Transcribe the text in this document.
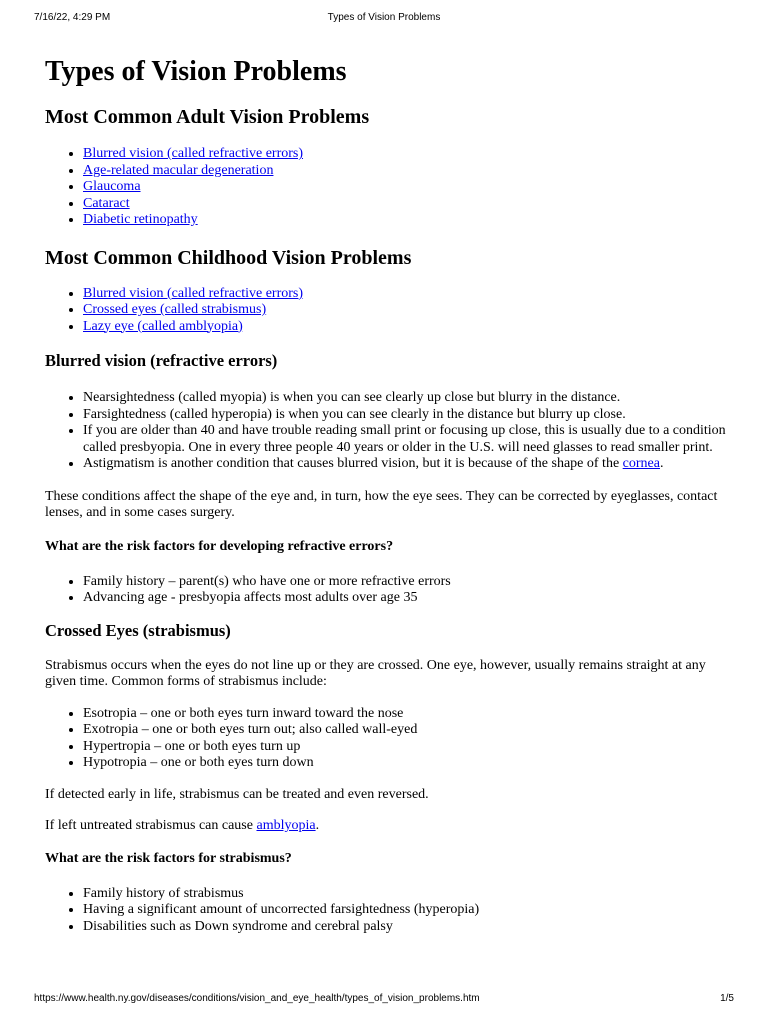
7/16/22, 4:29 PM	Types of Vision Problems
Types of Vision Problems
Most Common Adult Vision Problems
• Blurred vision (called refractive errors)
• Age-related macular degeneration
• Glaucoma
• Cataract
• Diabetic retinopathy
Most Common Childhood Vision Problems
• Blurred vision (called refractive errors)
• Crossed eyes (called strabismus)
• Lazy eye (called amblyopia)
Blurred vision (refractive errors)
• Nearsightedness (called myopia) is when you can see clearly up close but blurry in the distance.
• Farsightedness (called hyperopia) is when you can see clearly in the distance but blurry up close.
• If you are older than 40 and have trouble reading small print or focusing up close, this is usually due to a condition called presbyopia. One in every three people 40 years or older in the U.S. will need glasses to read smaller print.
• Astigmatism is another condition that causes blurred vision, but it is because of the shape of the cornea.

These conditions affect the shape of the eye and, in turn, how the eye sees. They can be corrected by eyeglasses, contact lenses, and in some cases surgery.

What are the risk factors for developing refractive errors?
• Family history – parent(s) who have one or more refractive errors
• Advancing age - presbyopia affects most adults over age 35
Crossed Eyes (strabismus)

Strabismus occurs when the eyes do not line up or they are crossed. One eye, however, usually remains straight at any given time. Common forms of strabismus include:

• Esotropia – one or both eyes turn inward toward the nose
• Exotropia – one or both eyes turn out; also called wall-eyed
• Hypertropia – one or both eyes turn up
• Hypotropia – one or both eyes turn down

If detected early in life, strabismus can be treated and even reversed.

If left untreated strabismus can cause amblyopia.

What are the risk factors for strabismus?
• Family history of strabismus
• Having a significant amount of uncorrected farsightedness (hyperopia)
• Disabilities such as Down syndrome and cerebral palsy
https://www.health.ny.gov/diseases/conditions/vision_and_eye_health/types_of_vision_problems.htm	1/5
